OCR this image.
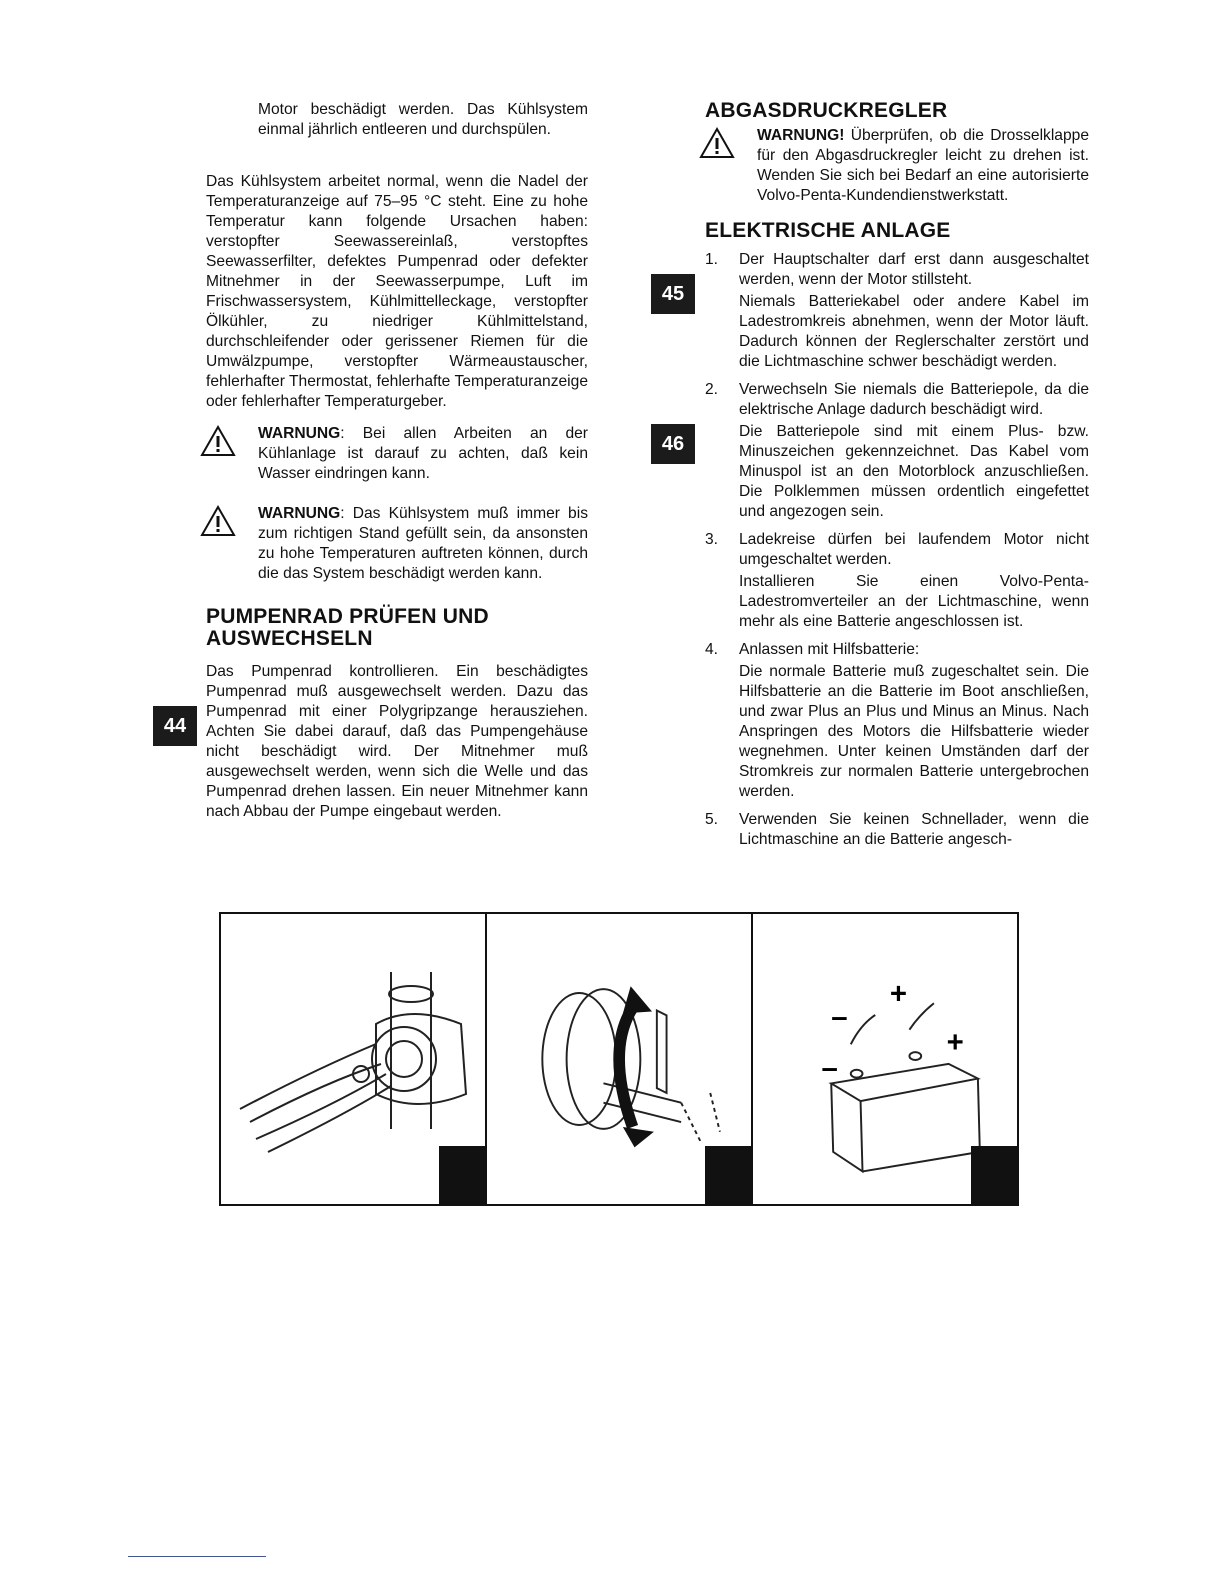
Motor beschädigt werden. Das Kühlsystem einmal jährlich entleeren und durchspülen.

Das Kühlsystem arbeitet normal, wenn die Nadel der Temperaturanzeige auf 75–95 °C steht. Eine zu hohe Temperatur kann folgende Ursachen haben: verstopfter Seewassereinlaß, verstopftes Seewasserfilter, defektes Pumpenrad oder defekter Mitnehmer in der Seewasserpumpe, Luft im Frischwassersystem, Kühlmittelleckage, verstopfter Ölkühler, zu niedriger Kühlmittelstand, durchschleifender oder gerissener Riemen für die Umwälzpumpe, verstopfter Wärmeaustauscher, fehlerhafter Thermostat, fehlerhafte Temperaturanzeige oder fehlerhafter Temperaturgeber.

WARNUNG: Bei allen Arbeiten an der Kühlanlage ist darauf zu achten, daß kein Wasser eindringen kann.

WARNUNG: Das Kühlsystem muß immer bis zum richtigen Stand gefüllt sein, da ansonsten zu hohe Temperaturen auftreten können, durch die das System beschädigt werden kann.

PUMPENRAD PRÜFEN UND AUSWECHSELN

Das Pumpenrad kontrollieren. Ein beschädigtes Pumpenrad muß ausgewechselt werden. Dazu das Pumpenrad mit einer Polygripzange herausziehen. Achten Sie dabei darauf, daß das Pumpengehäuse nicht beschädigt wird. Der Mitnehmer muß ausgewechselt werden, wenn sich die Welle und das Pumpenrad drehen lassen. Ein neuer Mitnehmer kann nach Abbau der Pumpe eingebaut werden.

44
ABGASDRUCKREGLER

WARNUNG! Überprüfen, ob die Drosselklappe für den Abgasdruckregler leicht zu drehen ist. Wenden Sie sich bei Bedarf an eine autorisierte Volvo-Penta-Kundendienstwerkstatt.

ELEKTRISCHE ANLAGE
1. Der Hauptschalter darf erst dann ausgeschaltet werden, wenn der Motor stillsteht.

Niemals Batteriekabel oder andere Kabel im Ladestromkreis abnehmen, wenn der Motor läuft. Dadurch können der Reglerschalter zerstört und die Lichtmaschine schwer beschädigt werden.

2. Verwechseln Sie niemals die Batteriepole, da die elektrische Anlage dadurch beschädigt wird.

Die Batteriepole sind mit einem Plus- bzw. Minuszeichen gekennzeichnet. Das Kabel vom Minuspol ist an den Motorblock anzuschließen. Die Polklemmen müssen ordentlich eingefettet und angezogen sein.

3. Ladekreise dürfen bei laufendem Motor nicht umgeschaltet werden.

Installieren Sie einen Volvo-Penta-Ladestromverteiler an der Lichtmaschine, wenn mehr als eine Batterie angeschlossen ist.

4. Anlassen mit Hilfsbatterie:

Die normale Batterie muß zugeschaltet sein. Die Hilfsbatterie an die Batterie im Boot anschließen, und zwar Plus an Plus und Minus an Minus. Nach Anspringen des Motors die Hilfsbatterie wieder wegnehmen. Unter keinen Umständen darf der Stromkreis zur normalen Batterie untergebrochen werden.

5. Verwenden Sie keinen Schnellader, wenn die Lichtmaschine an die Batterie angesch-

45
46
+
+
–
–
